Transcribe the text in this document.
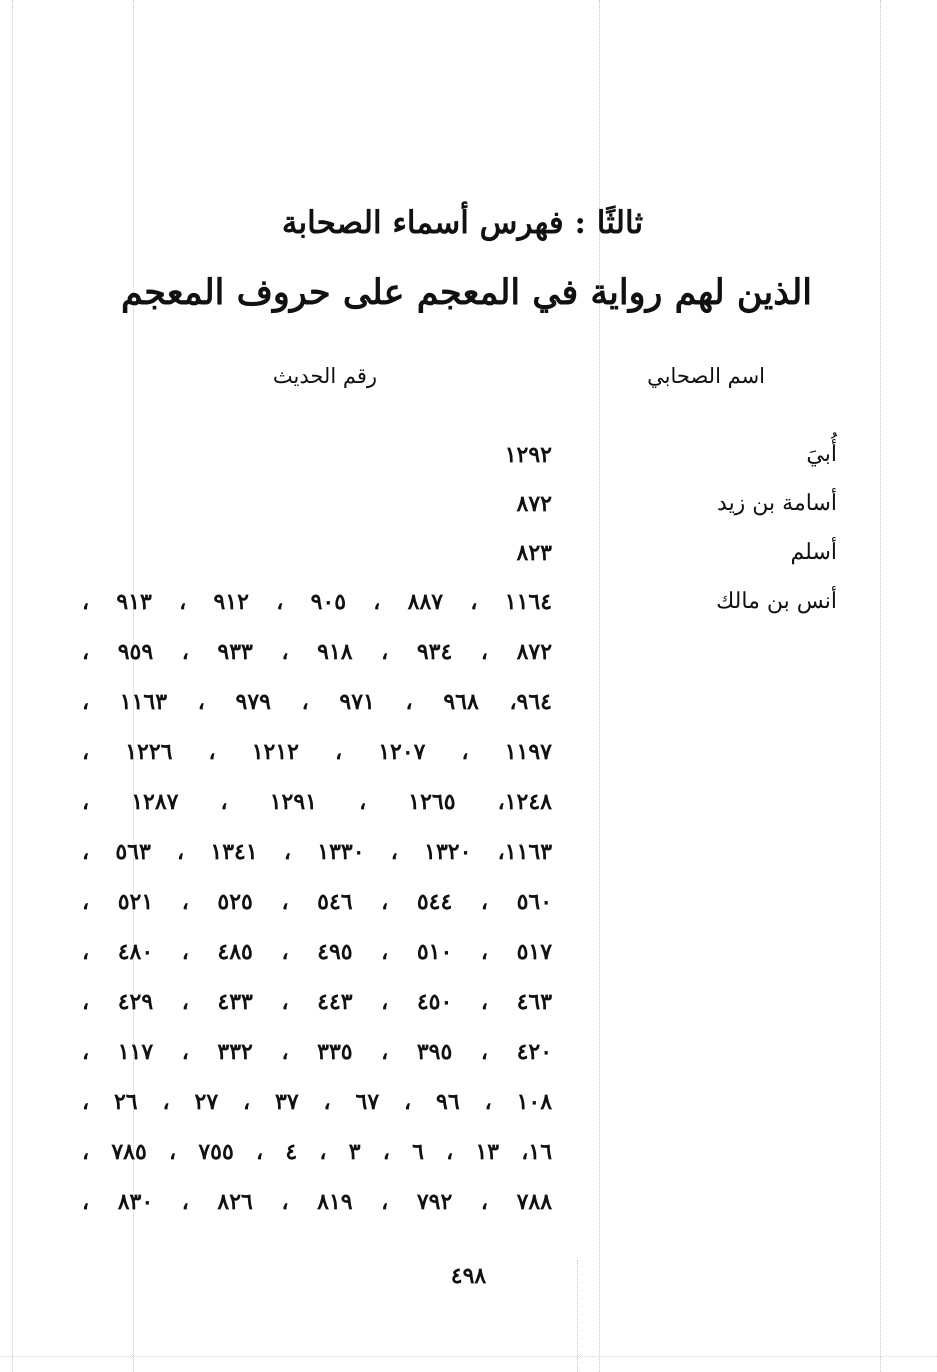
ثالثًا : فهرس أسماء الصحابة
الذين لهم رواية في المعجم على حروف المعجم
اسم الصحابي
رقم الحديث
أُبيَ
١٢٩٢
أسامة بن زيد
٨٧٢
أسلم
٨٢٣
أنس بن مالك
١١٦٤ ، ٨٨٧ ، ٩٠٥ ، ٩١٢ ، ٩١٣ ،
٨٧٢ ، ٩٣٤ ، ٩١٨ ، ٩٣٣ ، ٩٥٩ ،
٩٦٤، ٩٦٨ ، ٩٧١ ، ٩٧٩ ، ١١٦٣ ،
١١٩٧ ، ١٢٠٧ ، ١٢١٢ ، ١٢٢٦ ،
١٢٤٨، ١٢٦٥ ، ١٢٩١ ، ١٢٨٧ ،
١١٦٣، ١٣٢٠ ، ١٣٣٠ ، ١٣٤١ ، ٥٦٣ ،
٥٦٠ ، ٥٤٤ ، ٥٤٦ ، ٥٢٥ ، ٥٢١ ،
٥١٧ ، ٥١٠ ، ٤٩٥ ، ٤٨٥ ، ٤٨٠ ،
٤٦٣ ، ٤٥٠ ، ٤٤٣ ، ٤٣٣ ، ٤٢٩ ،
٤٢٠ ، ٣٩٥ ، ٣٣٥ ، ٣٣٢ ، ١١٧ ،
١٠٨ ، ٩٦ ، ٦٧ ، ٣٧ ، ٢٧ ، ٢٦ ،
١٦، ١٣ ، ٦ ، ٣ ، ٤ ، ٧٥٥ ، ٧٨٥ ،
٧٨٨ ، ٧٩٢ ، ٨١٩ ، ٨٢٦ ، ٨٣٠ ،
٤٩٨
